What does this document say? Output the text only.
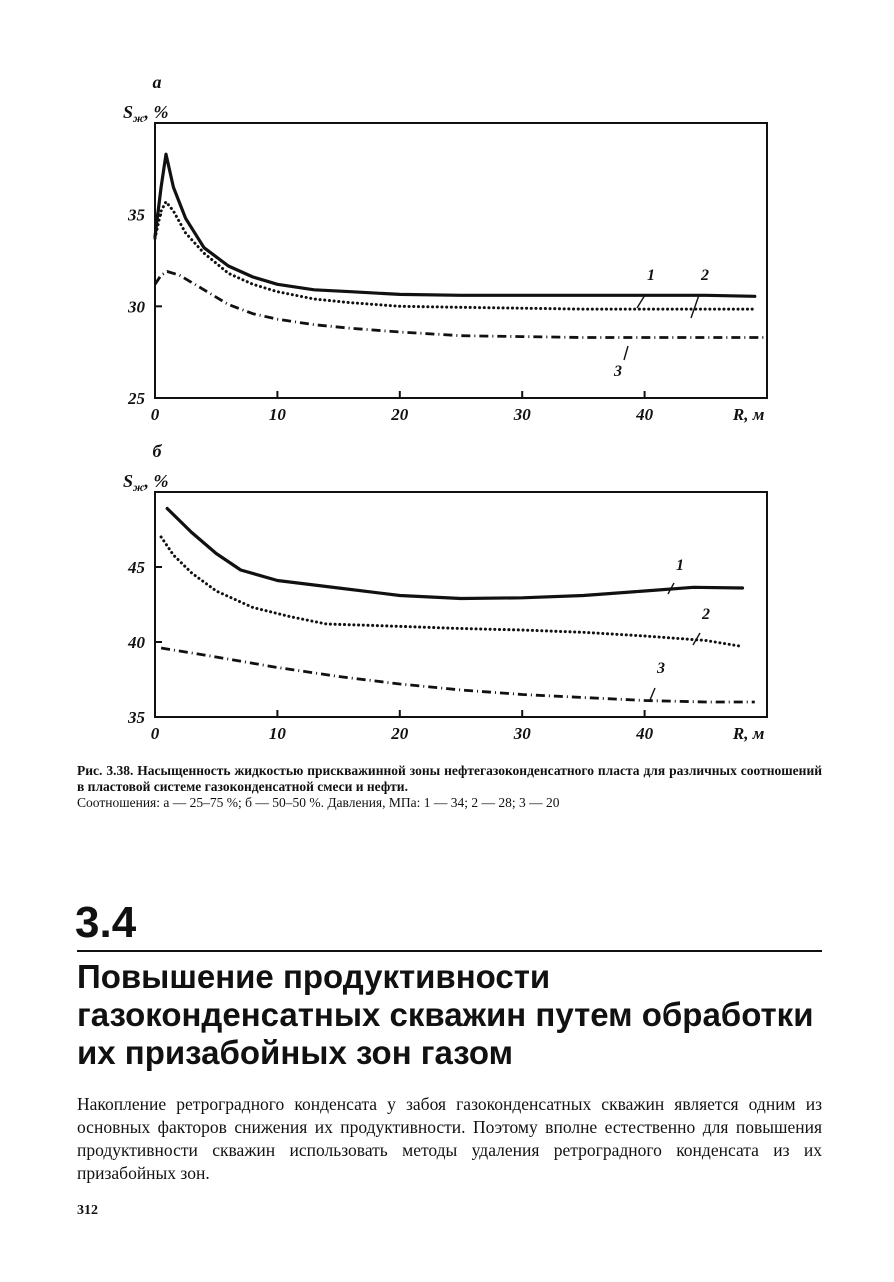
а
$S_ж$, %
0	10	20	30	40	R, м
25
30
35
1	2
3
б
$S_ж$, %
0	10	20	30	40	R, м
35
40
45	1
2
3
Рис. 3.38. Насыщенность жидкостью прискважинной зоны нефтегазоконденсатного пласта для различных соотношений в пластовой системе газоконденсатной смеси и нефти.
Соотношения: а — 25–75 %; б — 50–50 %. Давления, МПа: 1 — 34; 2 — 28; 3 — 20
3.4
Повышение продуктивности газоконденсатных скважин путем обработки их призабойных зон газом
Накопление ретроградного конденсата у забоя газоконденсатных скважин является одним из основных факторов снижения их продуктивности. Поэтому вполне естественно для повышения продуктивности скважин использовать методы удаления ретроградного конденсата из их призабойных зон.
312
